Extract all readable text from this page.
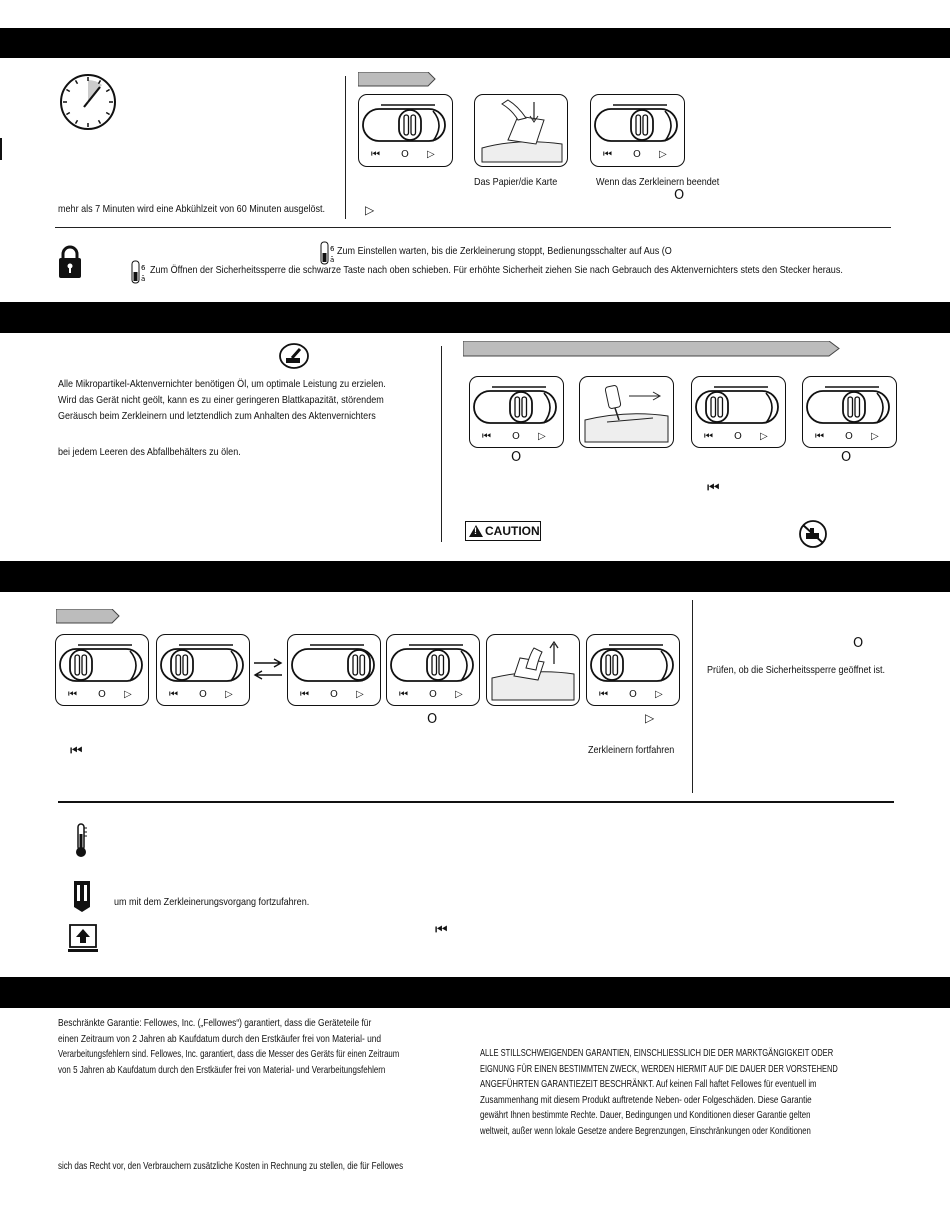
mehr als 7 Minuten wird eine Abkühlzeit von 60 Minuten ausgelöst.
⏮ O ▷	⏮ O ▷
Das Papier/die Karte	Wenn das Zerkleinern beendet
O
▷
6
ā
Zum Einstellen warten, bis die Zerkleinerung stoppt, Bedienungsschalter auf Aus (O
6
ā
Zum Öffnen der Sicherheitssperre die schwarze Taste nach oben schieben. Für erhöhte Sicherheit ziehen Sie nach Gebrauch des Aktenvernichters stets den Stecker heraus.
Alle Mikropartikel-Aktenvernichter benötigen Öl, um optimale Leistung zu erzielen.
Wird das Gerät nicht geölt, kann es zu einer geringeren Blattkapazität, störendem
Geräusch beim Zerkleinern und letztendlich zum Anhalten des Aktenvernichters
bei jedem Leeren des Abfallbehälters zu ölen.
⏮ O ▷	⏮ O ▷	⏮ O ▷
O	O
⏮
!
CAUTION
⏮ O ▷	⏮ O ▷	⏮ O ▷	⏮ O ▷	⏮ O ▷
O	▷
⏮	Zerkleinern fortfahren
O
Prüfen, ob die Sicherheitssperre geöffnet ist.
um mit dem Zerkleinerungsvorgang fortzufahren.
⏮
Beschränkte Garantie: Fellowes, Inc. („Fellowes“) garantiert, dass die Geräteteile für
einen Zeitraum von 2 Jahren ab Kaufdatum durch den Erstkäufer frei von Material- und
Verarbeitungsfehlern sind. Fellowes, Inc. garantiert, dass die Messer des Geräts für einen Zeitraum
von 5 Jahren ab Kaufdatum durch den Erstkäufer frei von Material- und Verarbeitungsfehlern
sich das Recht vor, den Verbrauchern zusätzliche Kosten in Rechnung zu stellen, die für Fellowes
ALLE STILLSCHWEIGENDEN GARANTIEN, EINSCHLIESSLICH DIE DER MARKTGÄNGIGKEIT ODER
EIGNUNG FÜR EINEN BESTIMMTEN ZWECK, WERDEN HIERMIT AUF DIE DAUER DER VORSTEHEND
ANGEFÜHRTEN GARANTIEZEIT BESCHRÄNKT. Auf keinen Fall haftet Fellowes für eventuell im
Zusammenhang mit diesem Produkt auftretende Neben- oder Folgeschäden. Diese Garantie
gewährt Ihnen bestimmte Rechte. Dauer, Bedingungen und Konditionen dieser Garantie gelten
weltweit, außer wenn lokale Gesetze andere Begrenzungen, Einschränkungen oder Konditionen
